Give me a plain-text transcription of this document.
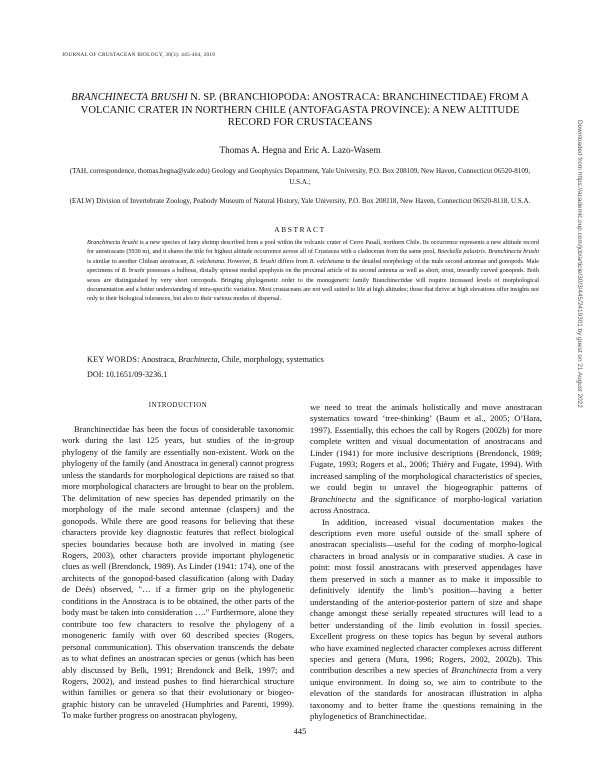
JOURNAL OF CRUSTACEAN BIOLOGY, 30(3): 445-464, 2010
BRANCHINECTA BRUSHI N. SP. (BRANCHIOPODA: ANOSTRACA: BRANCHINECTIDAE) FROM A VOLCANIC CRATER IN NORTHERN CHILE (ANTOFAGASTA PROVINCE): A NEW ALTITUDE RECORD FOR CRUSTACEANS
Thomas A. Hegna and Eric A. Lazo-Wasem
(TAH, correspondence, thomas.hegna@yale.edu) Geology and Geophysics Department, Yale University, P.O. Box 208109, New Haven, Connecticut 06520-8109, U.S.A.;
(EALW) Division of Invertebrate Zoology, Peabody Museum of Natural History, Yale University, P.O. Box 208118, New Haven, Connecticut 06520-8118, U.S.A.
ABSTRACT
Branchinecta brushi is a new species of fairy shrimp described from a pool within the volcanic crater of Cerro Pasalí, northern Chile. Its occurrence represents a new altitude record for anostracans (5930 m), and it shares the title for highest altitude occurrence across all of Crustacea with a cladoceran from the same pool, Boeckella palustris. Branchinecta brushi is similar to another Chilean anostracan, B. valchetana. However, B. brushi differs from B. valchetana in the detailed morphology of the male second antennae and gonopods. Male specimens of B. brushi possesses a bulbous, distally spinose medial apophysis on the proximal article of its second antenna as well as short, stout, inwardly curved gonopods. Both sexes are distinguished by very short cercopods. Bringing phylogenetic order to the monogeneric family Branchinectidae will require increased levels of morphological documentation and a better understanding of intra-specific variation. Most crustaceans are not well suited to life at high altitudes; those that thrive at high elevations offer insights not only to their biological tolerances, but also to their various modes of dispersal.
KEY WORDS: Anostraca, Brachinecta, Chile, morphology, systematics
DOI: 10.1651/09-3236.1
INTRODUCTION

Branchinectidae has been the focus of considerable taxonomic work during the last 125 years, but studies of the in-group phylogeny of the family are essentially non-existent. Work on the phylogeny of the family (and Anostraca in general) cannot progress unless the standards for morphological depictions are raised so that more morphological characters are brought to bear on the problem. The delimitation of new species has depended primarily on the morphology of the male second antennae (claspers) and the gonopods. While there are good reasons for believing that these characters provide key diagnostic features that reflect biological species boundaries because both are involved in mating (see Rogers, 2003), other characters provide important phylogenetic clues as well (Brendonck, 1989). As Linder (1941: 174), one of the architects of the gonopod-based classification (along with Daday de Deés) observed, "… if a firmer grip on the phylogenetic conditions in the Anostraca is to be obtained, the other parts of the body must be taken into consideration …." Furthermore, alone they contribute too few characters to resolve the phylogeny of a monogeneric family with over 60 described species (Rogers, personal communication). This observation transcends the debate as to what defines an anostracan species or genus (which has been ably discussed by Belk, 1991; Brendonck and Belk, 1997; and Rogers, 2002), and instead pushes to find hierarchical structure within families or genera so that their evolutionary or biogeo-graphic history can be unraveled (Humphries and Parenti, 1999). To make further progress on anostracan phylogeny,

we need to treat the animals holistically and move anostracan systematics toward ‘tree-thinking’ (Baum et al., 2005; O’Hara, 1997). Essentially, this echoes the call by Rogers (2002b) for more complete written and visual documentation of anostracans and Linder (1941) for more inclusive descriptions (Brendonck, 1989; Fugate, 1993; Rogers et al., 2006; Thiéry and Fugate, 1994). With increased sampling of the morphological characteristics of species, we could begin to unravel the biogeographic patterns of Branchinecta and the significance of morpho-logical variation across Anostraca.

In addition, increased visual documentation makes the descriptions even more useful outside of the small sphere of anostracan specialists—useful for the coding of morpho-logical characters in broad analysis or in comparative studies. A case in point: most fossil anostracans with preserved appendages have them preserved in such a manner as to make it impossible to definitively identify the limb’s position—having a better understanding of the anterior-posterior pattern of size and shape change amongst these serially repeated structures will lead to a better understanding of the limb evolution in fossil species. Excellent progress on these topics has begun by several authors who have examined neglected character complexes across different species and genera (Mura, 1996; Rogers, 2002, 2002b). This contribution describes a new species of Branchinecta from a very unique environment. In doing so, we aim to contribute to the elevation of the standards for anostracan illustration in alpha taxonomy and to better frame the questions remaining in the phylogenetics of Branchinectidae.

445
Downloaded from https://academic.oup.com/jcb/article/30/3/445/2419301 by guest on 21 August 2022
